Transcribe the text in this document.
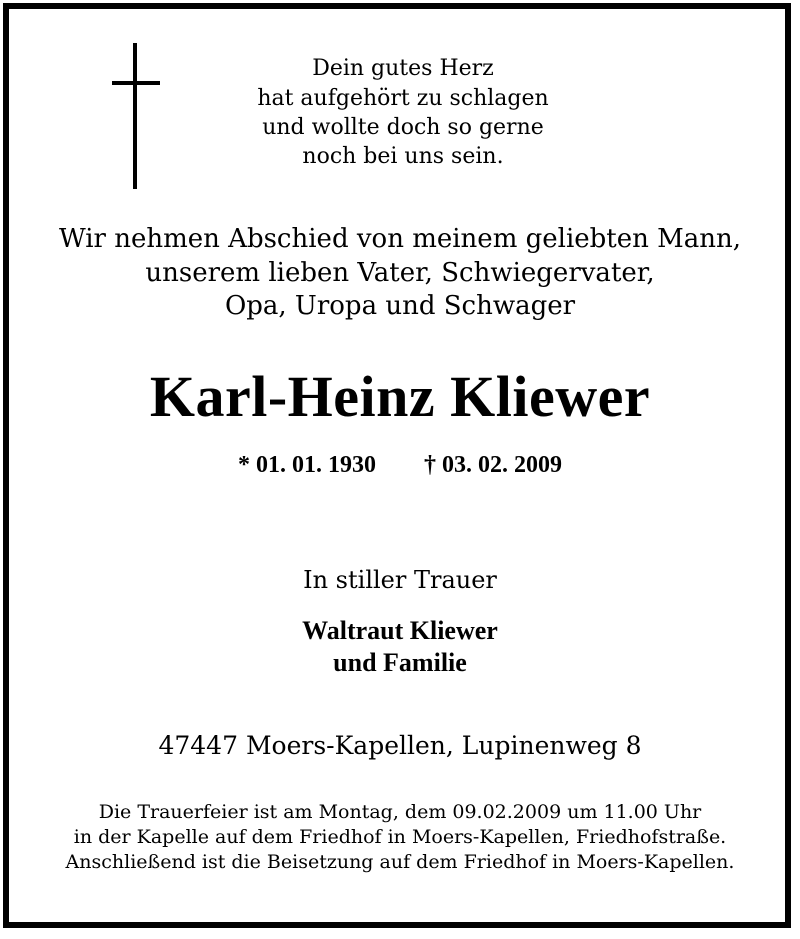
Dein gutes Herz
hat aufgehört zu schlagen
und wollte doch so gerne
noch bei uns sein.
Wir nehmen Abschied von meinem geliebten Mann,
unserem lieben Vater, Schwiegervater,
Opa, Uropa und Schwager
Karl-Heinz Kliewer
* 01. 01. 1930 † 03. 02. 2009
In stiller Trauer
Waltraut Kliewer
und Familie
47447 Moers-Kapellen, Lupinenweg 8
Die Trauerfeier ist am Montag, dem 09.02.2009 um 11.00 Uhr
in der Kapelle auf dem Friedhof in Moers-Kapellen, Friedhofstraße.
Anschließend ist die Beisetzung auf dem Friedhof in Moers-Kapellen.
